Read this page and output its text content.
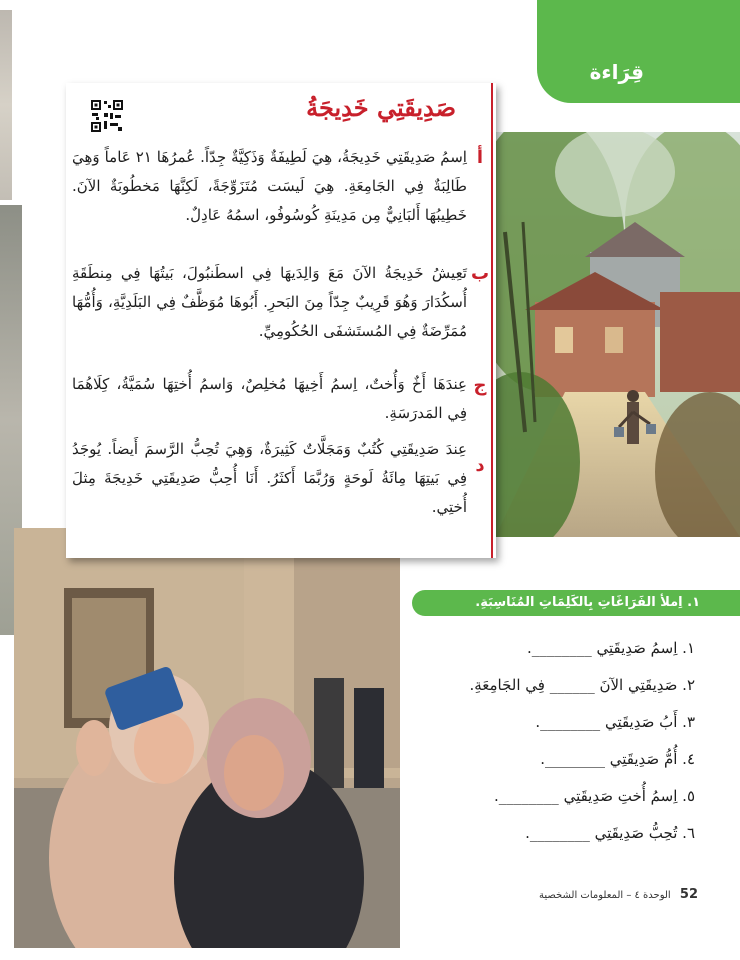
قِرَاءة
صَدِيقَتِي خَدِيجَةُ
أ

اِسمُ صَدِيقَتِي خَدِيجَةُ، هِيَ لَطِيفَةٌ وَذَكِيَّةٌ جِدّاً. عُمرُهَا ٢١ عَاماً وَهِيَ طَالِبَةٌ فِي الجَامِعَةِ. هِيَ لَيسَت مُتَزَوِّجَةً، لَكِنَّهَا مَخطُوبَةٌ الآنَ. خَطِيبُهَا أَلبَانِيٌّ مِن مَدِينَةِ كُوسُوفُو، اسمُهُ عَادِلٌ.

ب

تَعِيشُ خَدِيجَةُ الآنَ مَعَ وَالِدَيهَا فِي اسطَنبُولَ، بَيتُهَا فِي مِنطَقَةِ أُسكُدَارَ وَهُوَ قَرِيبٌ جِدّاً مِنَ البَحرِ. أَبُوهَا مُوَظَّفٌ فِي البَلَدِيَّةِ، وَأُمُّهَا مُمَرِّضَةٌ فِي المُستَشفَى الحُكُومِيِّ.

ج

عِندَهَا أَخٌ وَأُختٌ، اِسمُ أَخِيهَا مُخلِصٌ، وَاسمُ أُختِهَا سُمَيَّةُ، كِلَاهُمَا فِي المَدرَسَةِ.

د

عِندَ صَدِيقَتِي كُتُبٌ وَمَجَلَّاتٌ كَثِيرَةٌ، وَهِيَ تُحِبُّ الرَّسمَ أَيضاً. يُوجَدُ فِي بَيتِهَا مِائَةُ لَوحَةٍ وَرُبَّمَا أَكثَرُ. أَنَا أُحِبُّ صَدِيقَتِي خَدِيجَةَ مِثلَ أُختِي.

١. اِملأ الفَرَاغَاتِ بِالكَلِمَاتِ المُنَاسِبَةِ.
١. اِسمُ صَدِيقَتِي ________.
٢. صَدِيقَتِي الآنَ ______ فِي الجَامِعَةِ.
٣. أَبُ صَدِيقَتِي ________.
٤. أُمُّ صَدِيقَتِي ________.
٥. اِسمُ أُختِ صَدِيقَتِي ________.
٦. تُحِبُّ صَدِيقَتِي ________.
52 الوحدة ٤ – المعلومات الشخصية
